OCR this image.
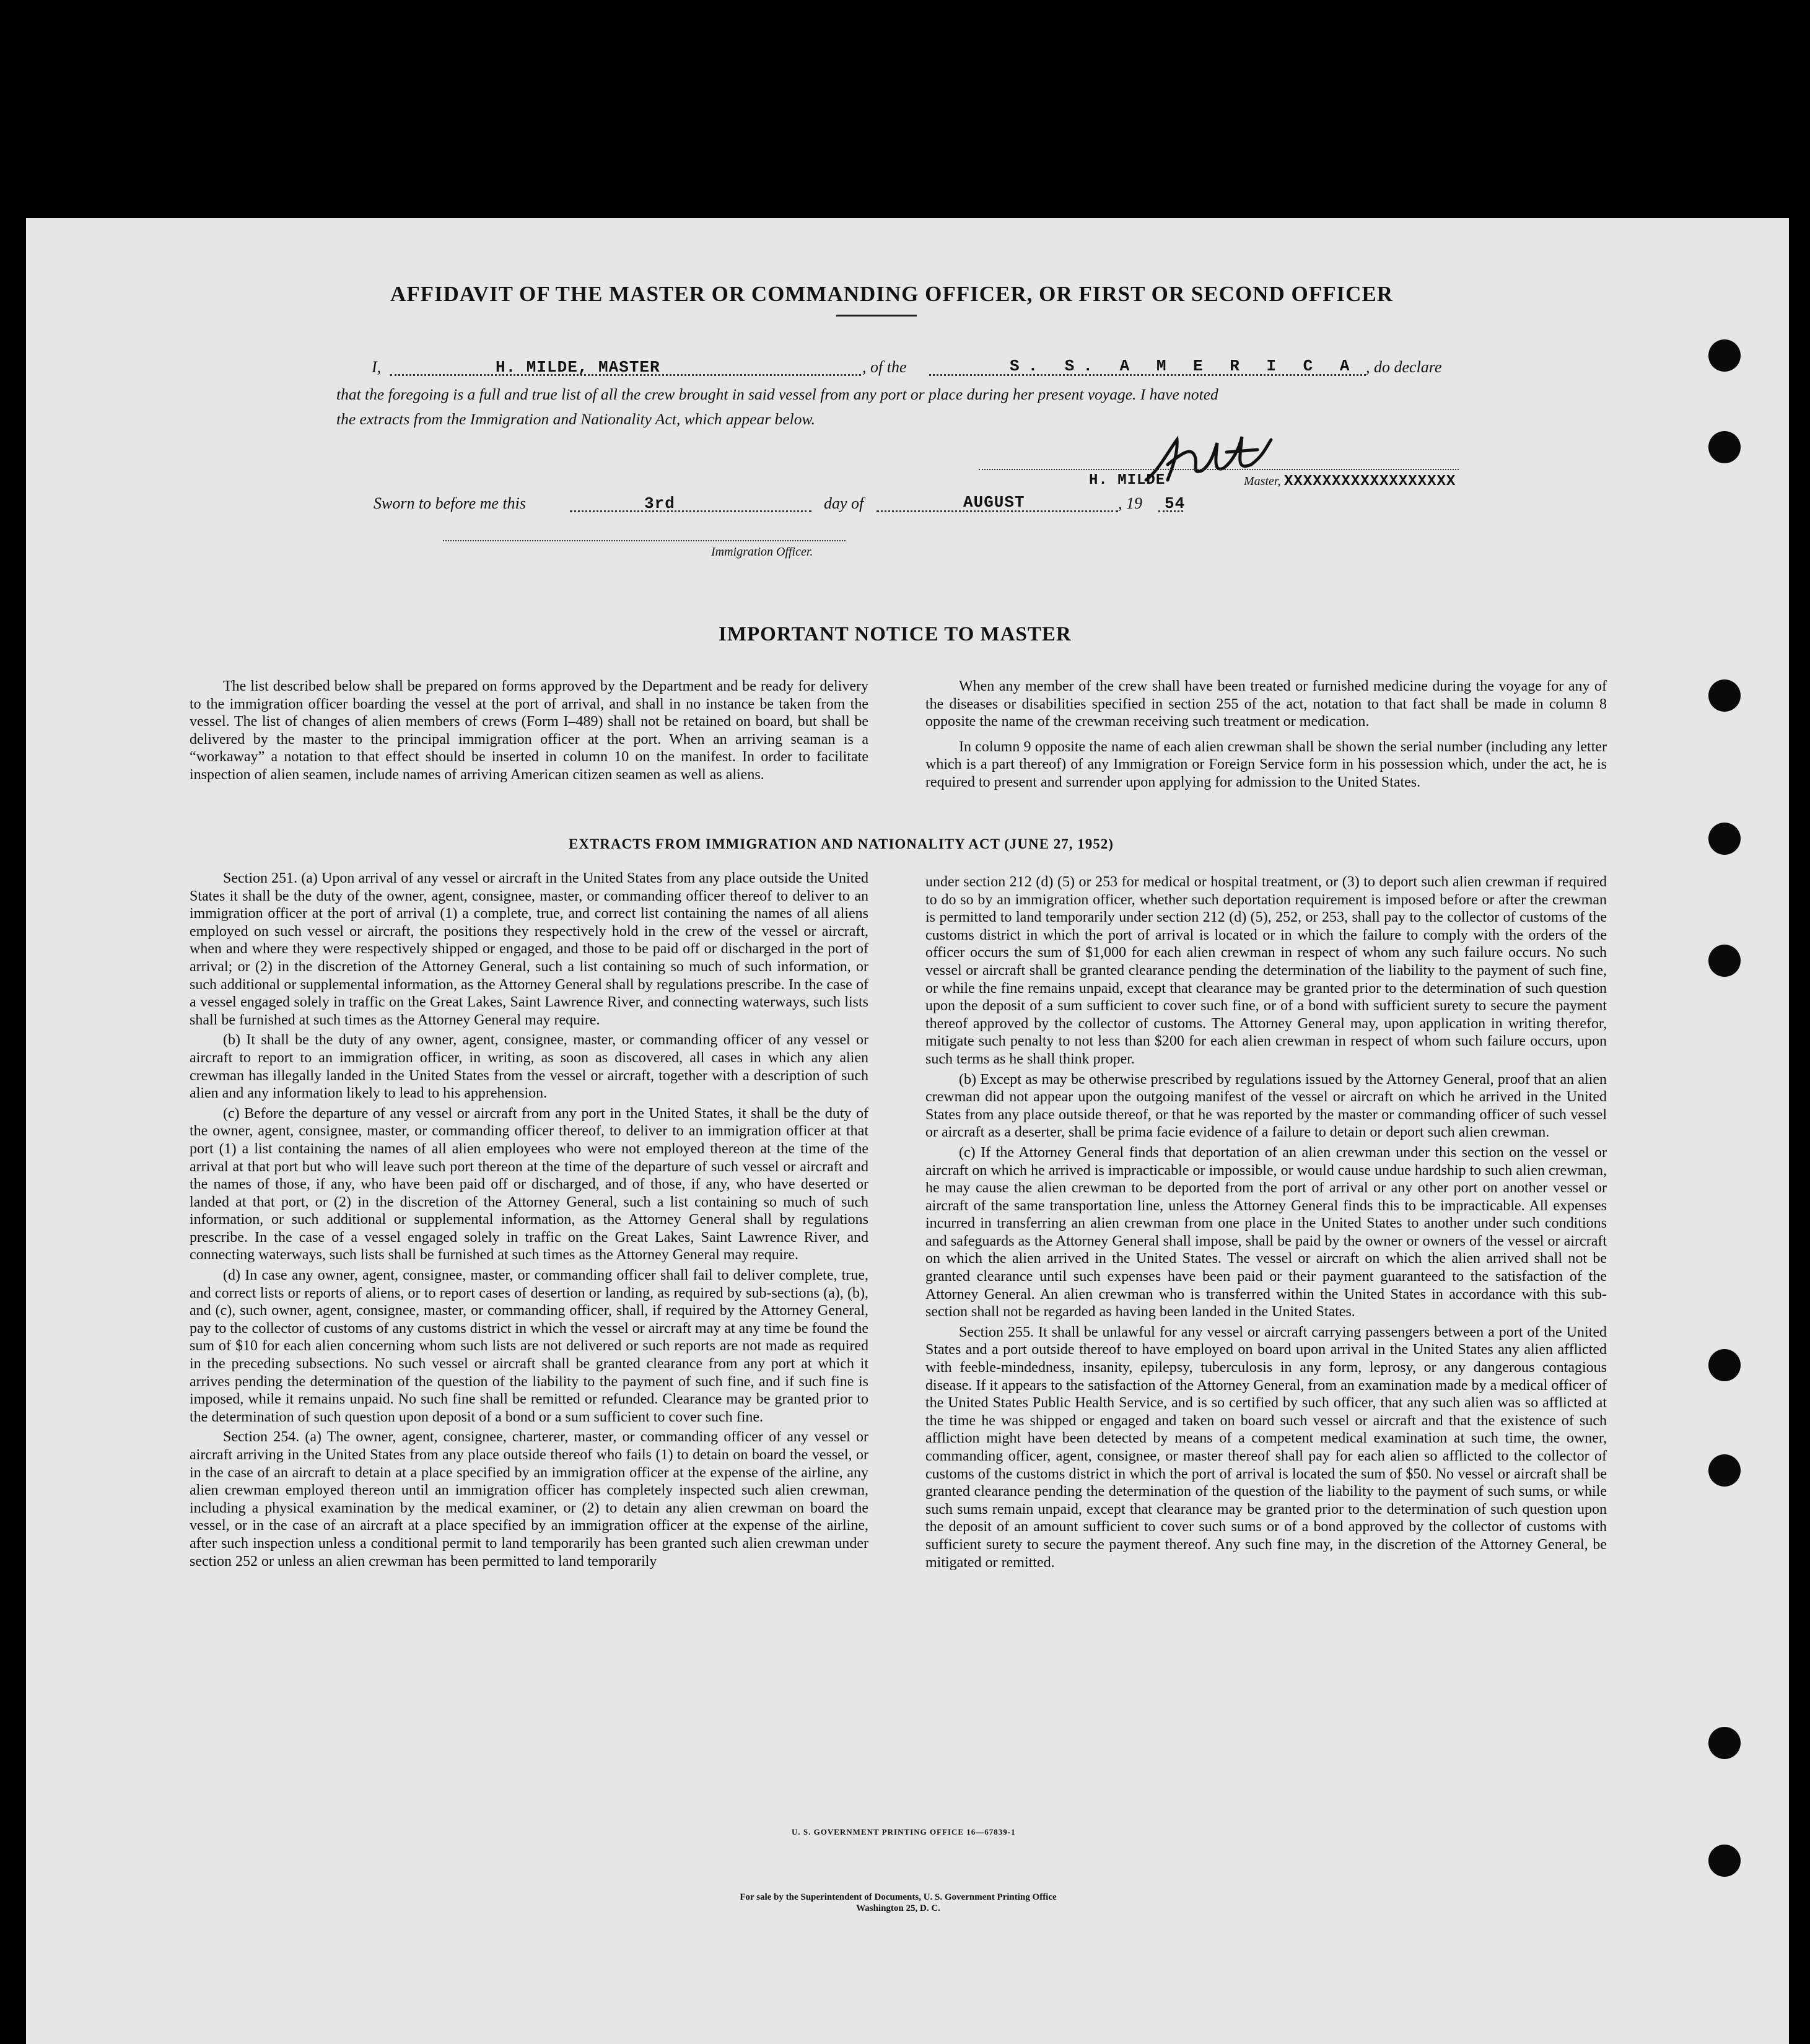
AFFIDAVIT OF THE MASTER OR COMMANDING OFFICER, OR FIRST OR SECOND OFFICER
I,	H. MILDE, MASTER	, of the	S. S. A M E R I C A , do declare
that the foregoing is a full and true list of all the crew brought in said vessel from any port or place during her present voyage. I have noted
the extracts from the Immigration and Nationality Act, which appear below.
H. MILDE	Master, XXXXXXXXXXXXXXXXXX
Sworn to before me this	3rd	day of	AUGUST	, 19 54
Immigration Officer.
IMPORTANT NOTICE TO MASTER

The list described below shall be prepared on forms approved by the Department and be ready for delivery to the immigration officer boarding the vessel at the port of arrival, and shall in no instance be taken from the vessel. The list of changes of alien members of crews (Form I–489) shall not be retained on board, but shall be delivered by the master to the principal immigration officer at the port. When an arriving seaman is a “workaway” a notation to that effect should be inserted in column 10 on the manifest. In order to facilitate inspection of alien seamen, include names of arriving American citizen seamen as well as aliens.

When any member of the crew shall have been treated or furnished medicine during the voyage for any of the diseases or disabilities specified in section 255 of the act, notation to that fact shall be made in column 8 opposite the name of the crewman receiving such treatment or medication.

In column 9 opposite the name of each alien crewman shall be shown the serial number (including any letter which is a part thereof) of any Immigration or Foreign Service form in his possession which, under the act, he is required to present and surrender upon applying for admission to the United States.

EXTRACTS FROM IMMIGRATION AND NATIONALITY ACT (JUNE 27, 1952)

Section 251. (a) Upon arrival of any vessel or aircraft in the United States from any place outside the United States it shall be the duty of the owner, agent, consignee, master, or commanding officer thereof to deliver to an immigration officer at the port of arrival (1) a complete, true, and correct list containing the names of all aliens employed on such vessel or aircraft, the positions they respectively hold in the crew of the vessel or aircraft, when and where they were respectively shipped or engaged, and those to be paid off or discharged in the port of arrival; or (2) in the discretion of the Attorney General, such a list containing so much of such information, or such additional or supplemental information, as the Attorney General shall by regulations prescribe. In the case of a vessel engaged solely in traffic on the Great Lakes, Saint Lawrence River, and connecting waterways, such lists shall be furnished at such times as the Attorney General may require.

(b) It shall be the duty of any owner, agent, consignee, master, or commanding officer of any vessel or aircraft to report to an immigration officer, in writing, as soon as discovered, all cases in which any alien crewman has illegally landed in the United States from the vessel or aircraft, together with a description of such alien and any information likely to lead to his apprehension.

(c) Before the departure of any vessel or aircraft from any port in the United States, it shall be the duty of the owner, agent, consignee, master, or commanding officer thereof, to deliver to an immigration officer at that port (1) a list containing the names of all alien employees who were not employed thereon at the time of the arrival at that port but who will leave such port thereon at the time of the departure of such vessel or aircraft and the names of those, if any, who have been paid off or discharged, and of those, if any, who have deserted or landed at that port, or (2) in the discretion of the Attorney General, such a list containing so much of such information, or such additional or supplemental information, as the Attorney General shall by regulations prescribe. In the case of a vessel engaged solely in traffic on the Great Lakes, Saint Lawrence River, and connecting waterways, such lists shall be furnished at such times as the Attorney General may require.

(d) In case any owner, agent, consignee, master, or commanding officer shall fail to deliver complete, true, and correct lists or reports of aliens, or to report cases of desertion or landing, as required by sub-sections (a), (b), and (c), such owner, agent, consignee, master, or commanding officer, shall, if required by the Attorney General, pay to the collector of customs of any customs district in which the vessel or aircraft may at any time be found the sum of $10 for each alien concerning whom such lists are not delivered or such reports are not made as required in the preceding subsections. No such vessel or aircraft shall be granted clearance from any port at which it arrives pending the determination of the question of the liability to the payment of such fine, and if such fine is imposed, while it remains unpaid. No such fine shall be remitted or refunded. Clearance may be granted prior to the determination of such question upon deposit of a bond or a sum sufficient to cover such fine.

Section 254. (a) The owner, agent, consignee, charterer, master, or commanding officer of any vessel or aircraft arriving in the United States from any place outside thereof who fails (1) to detain on board the vessel, or in the case of an aircraft to detain at a place specified by an immigration officer at the expense of the airline, any alien crewman employed thereon until an immigration officer has completely inspected such alien crewman, including a physical examination by the medical examiner, or (2) to detain any alien crewman on board the vessel, or in the case of an aircraft at a place specified by an immigration officer at the expense of the airline, after such inspection unless a conditional permit to land temporarily has been granted such alien crewman under section 252 or unless an alien crewman has been permitted to land temporarily

under section 212 (d) (5) or 253 for medical or hospital treatment, or (3) to deport such alien crewman if required to do so by an immigration officer, whether such deportation requirement is imposed before or after the crewman is permitted to land temporarily under section 212 (d) (5), 252, or 253, shall pay to the collector of customs of the customs district in which the port of arrival is located or in which the failure to comply with the orders of the officer occurs the sum of $1,000 for each alien crewman in respect of whom any such failure occurs. No such vessel or aircraft shall be granted clearance pending the determination of the liability to the payment of such fine, or while the fine remains unpaid, except that clearance may be granted prior to the determination of such question upon the deposit of a sum sufficient to cover such fine, or of a bond with sufficient surety to secure the payment thereof approved by the collector of customs. The Attorney General may, upon application in writing therefor, mitigate such penalty to not less than $200 for each alien crewman in respect of whom such failure occurs, upon such terms as he shall think proper.

(b) Except as may be otherwise prescribed by regulations issued by the Attorney General, proof that an alien crewman did not appear upon the outgoing manifest of the vessel or aircraft on which he arrived in the United States from any place outside thereof, or that he was reported by the master or commanding officer of such vessel or aircraft as a deserter, shall be prima facie evidence of a failure to detain or deport such alien crewman.

(c) If the Attorney General finds that deportation of an alien crewman under this section on the vessel or aircraft on which he arrived is impracticable or impossible, or would cause undue hardship to such alien crewman, he may cause the alien crewman to be deported from the port of arrival or any other port on another vessel or aircraft of the same transportation line, unless the Attorney General finds this to be impracticable. All expenses incurred in transferring an alien crewman from one place in the United States to another under such conditions and safeguards as the Attorney General shall impose, shall be paid by the owner or owners of the vessel or aircraft on which the alien arrived in the United States. The vessel or aircraft on which the alien arrived shall not be granted clearance until such expenses have been paid or their payment guaranteed to the satisfaction of the Attorney General. An alien crewman who is transferred within the United States in accordance with this sub-section shall not be regarded as having been landed in the United States.

Section 255. It shall be unlawful for any vessel or aircraft carrying passengers between a port of the United States and a port outside thereof to have employed on board upon arrival in the United States any alien afflicted with feeble-mindedness, insanity, epilepsy, tuberculosis in any form, leprosy, or any dangerous contagious disease. If it appears to the satisfaction of the Attorney General, from an examination made by a medical officer of the United States Public Health Service, and is so certified by such officer, that any such alien was so afflicted at the time he was shipped or engaged and taken on board such vessel or aircraft and that the existence of such affliction might have been detected by means of a competent medical examination at such time, the owner, commanding officer, agent, consignee, or master thereof shall pay for each alien so afflicted to the collector of customs of the customs district in which the port of arrival is located the sum of $50. No vessel or aircraft shall be granted clearance pending the determination of the question of the liability to the payment of such sums, or while such sums remain unpaid, except that clearance may be granted prior to the determination of such question upon the deposit of an amount sufficient to cover such sums or of a bond approved by the collector of customs with sufficient surety to secure the payment thereof. Any such fine may, in the discretion of the Attorney General, be mitigated or remitted.

U. S. GOVERNMENT PRINTING OFFICE 16—67839-1
For sale by the Superintendent of Documents, U. S. Government Printing Office
Washington 25, D. C.
